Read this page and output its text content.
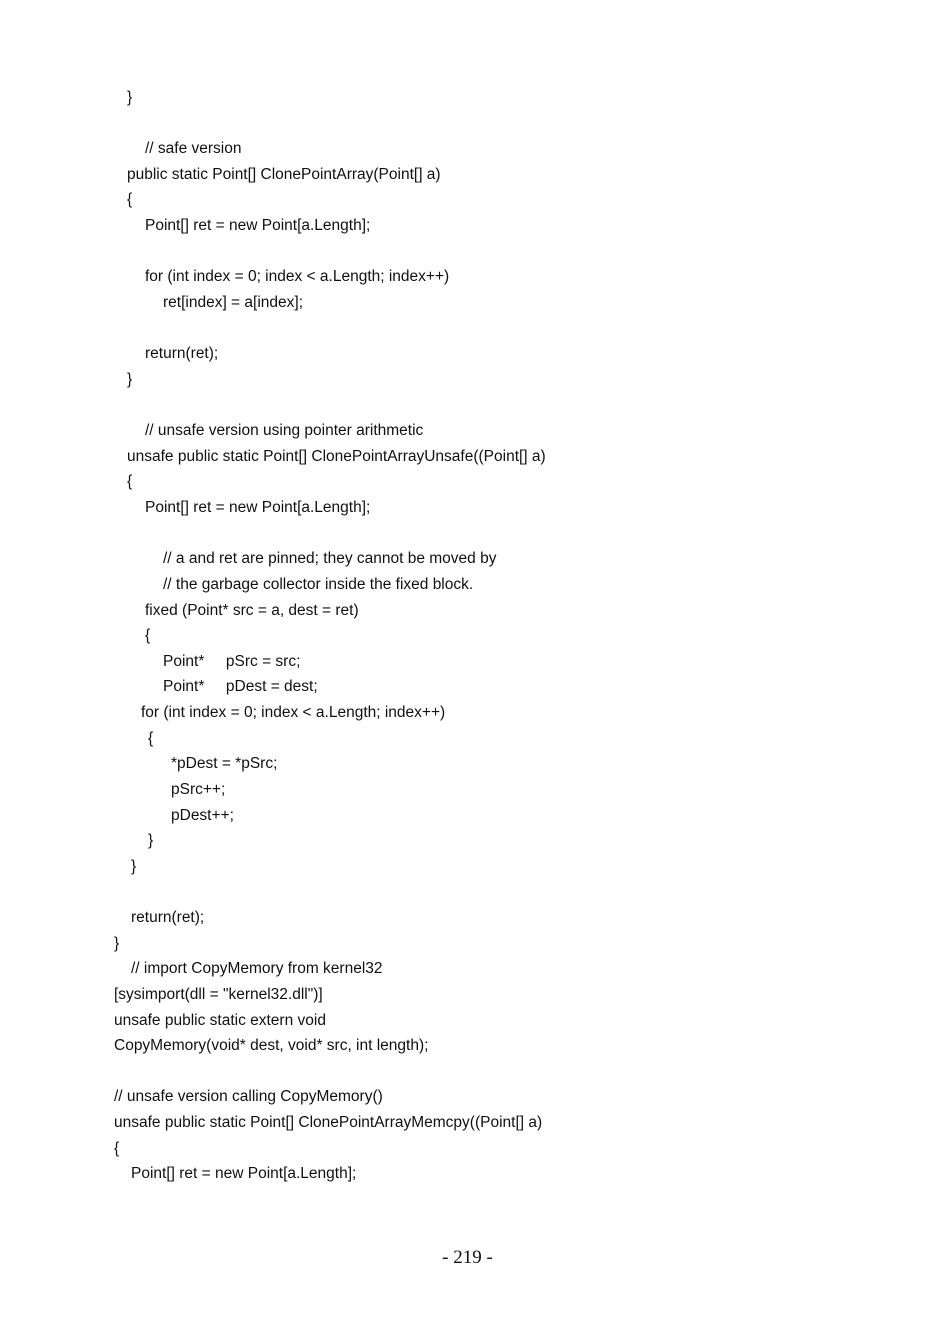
}
// safe version
public static Point[] ClonePointArray(Point[] a)
{
Point[] ret = new Point[a.Length];
for (int index = 0; index < a.Length; index++)
ret[index] = a[index];
return(ret);
}
// unsafe version using pointer arithmetic
unsafe public static Point[] ClonePointArrayUnsafe((Point[] a)
{
Point[] ret = new Point[a.Length];
// a and ret are pinned; they cannot be moved by
// the garbage collector inside the fixed block.
fixed (Point* src = a, dest = ret)
{
Point*     pSrc = src;
Point*     pDest = dest;
for (int index = 0; index < a.Length; index++)
{
*pDest = *pSrc;
pSrc++;
pDest++;
}
}
return(ret);
}
// import CopyMemory from kernel32
[sysimport(dll = "kernel32.dll")]
unsafe public static extern void
CopyMemory(void* dest, void* src, int length);
// unsafe version calling CopyMemory()
unsafe public static Point[] ClonePointArrayMemcpy((Point[] a)
{
Point[] ret = new Point[a.Length];
- 219 -
